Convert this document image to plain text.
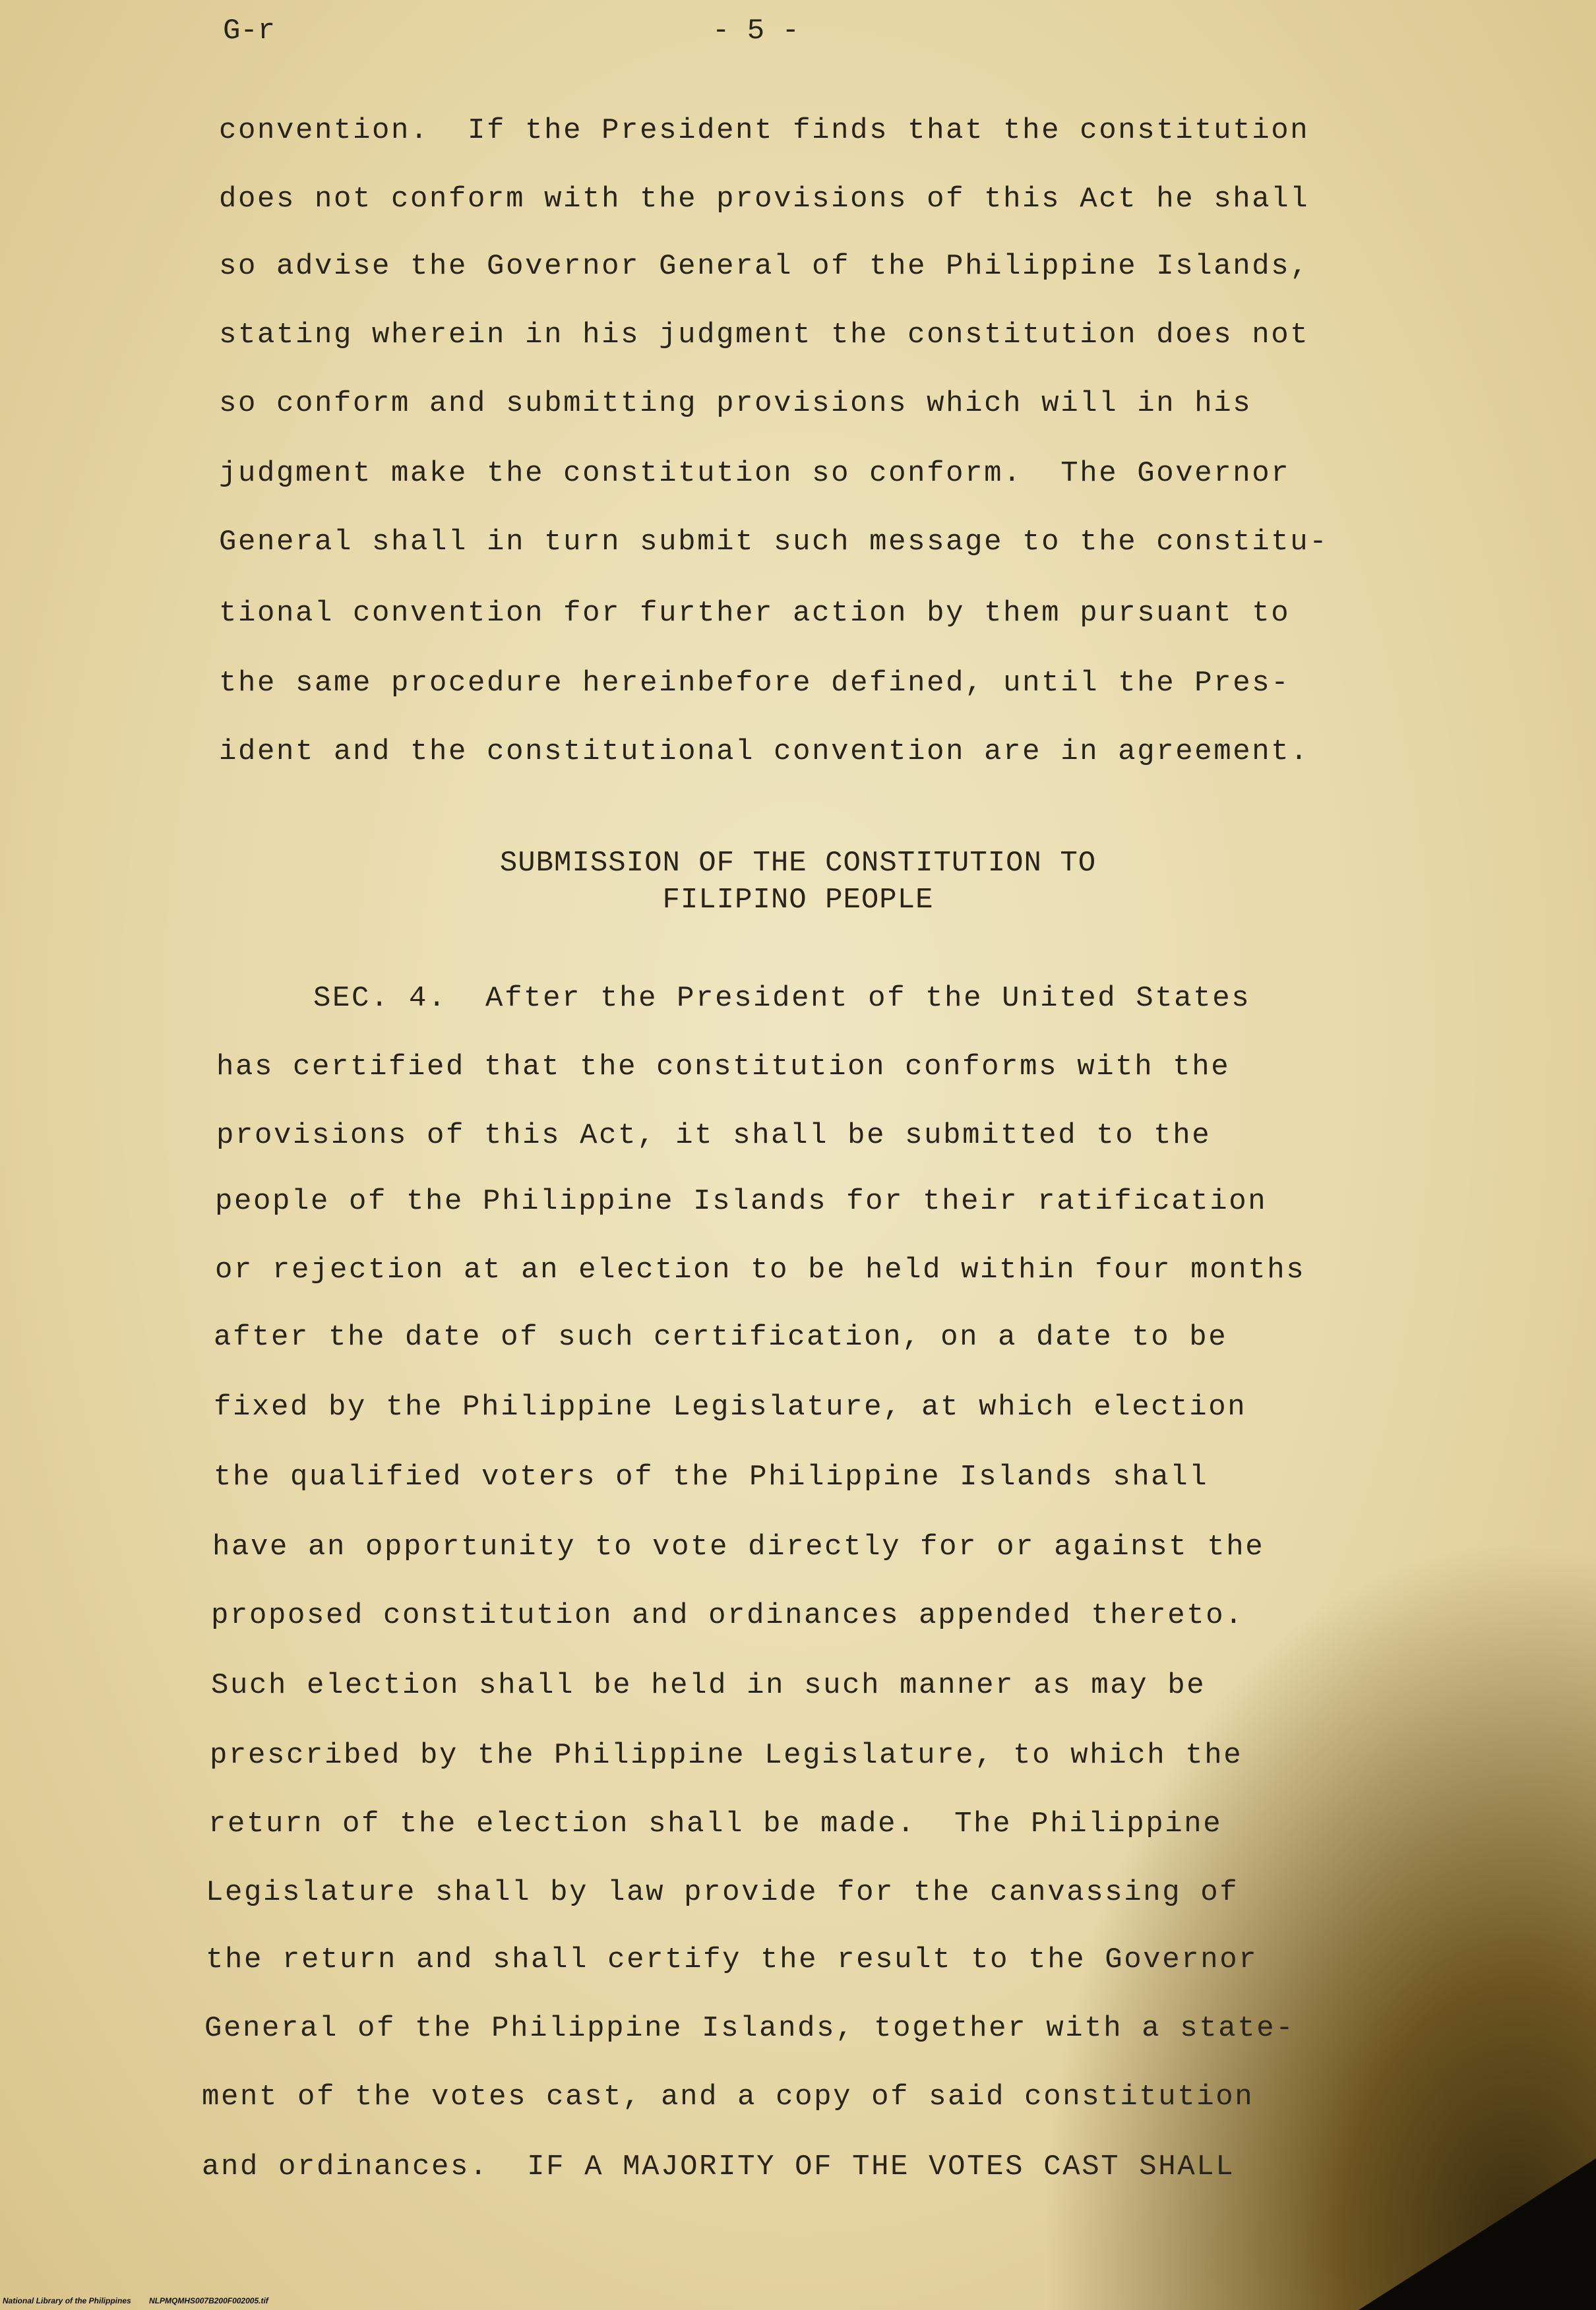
G-r	- 5 -
convention.  If the President finds that the constitution
does not conform with the provisions of this Act he shall
so advise the Governor General of the Philippine Islands,
stating wherein in his judgment the constitution does not
so conform and submitting provisions which will in his
judgment make the constitution so conform.  The Governor
General shall in turn submit such message to the constitu-
tional convention for further action by them pursuant to
the same procedure hereinbefore defined, until the Pres-
ident and the constitutional convention are in agreement.
SUBMISSION OF THE CONSTITUTION TO
FILIPINO PEOPLE
SEC. 4.  After the President of the United States
has certified that the constitution conforms with the
provisions of this Act, it shall be submitted to the
people of the Philippine Islands for their ratification
or rejection at an election to be held within four months
after the date of such certification, on a date to be
fixed by the Philippine Legislature, at which election
the qualified voters of the Philippine Islands shall
have an opportunity to vote directly for or against the
proposed constitution and ordinances appended thereto.
Such election shall be held in such manner as may be
prescribed by the Philippine Legislature, to which the
return of the election shall be made.  The Philippine
Legislature shall by law provide for the canvassing of
the return and shall certify the result to the Governor
General of the Philippine Islands, together with a state-
ment of the votes cast, and a copy of said constitution
and ordinances.  IF A MAJORITY OF THE VOTES CAST SHALL
National Library of the Philippines NLPMQMHS007B200F002005.tif
